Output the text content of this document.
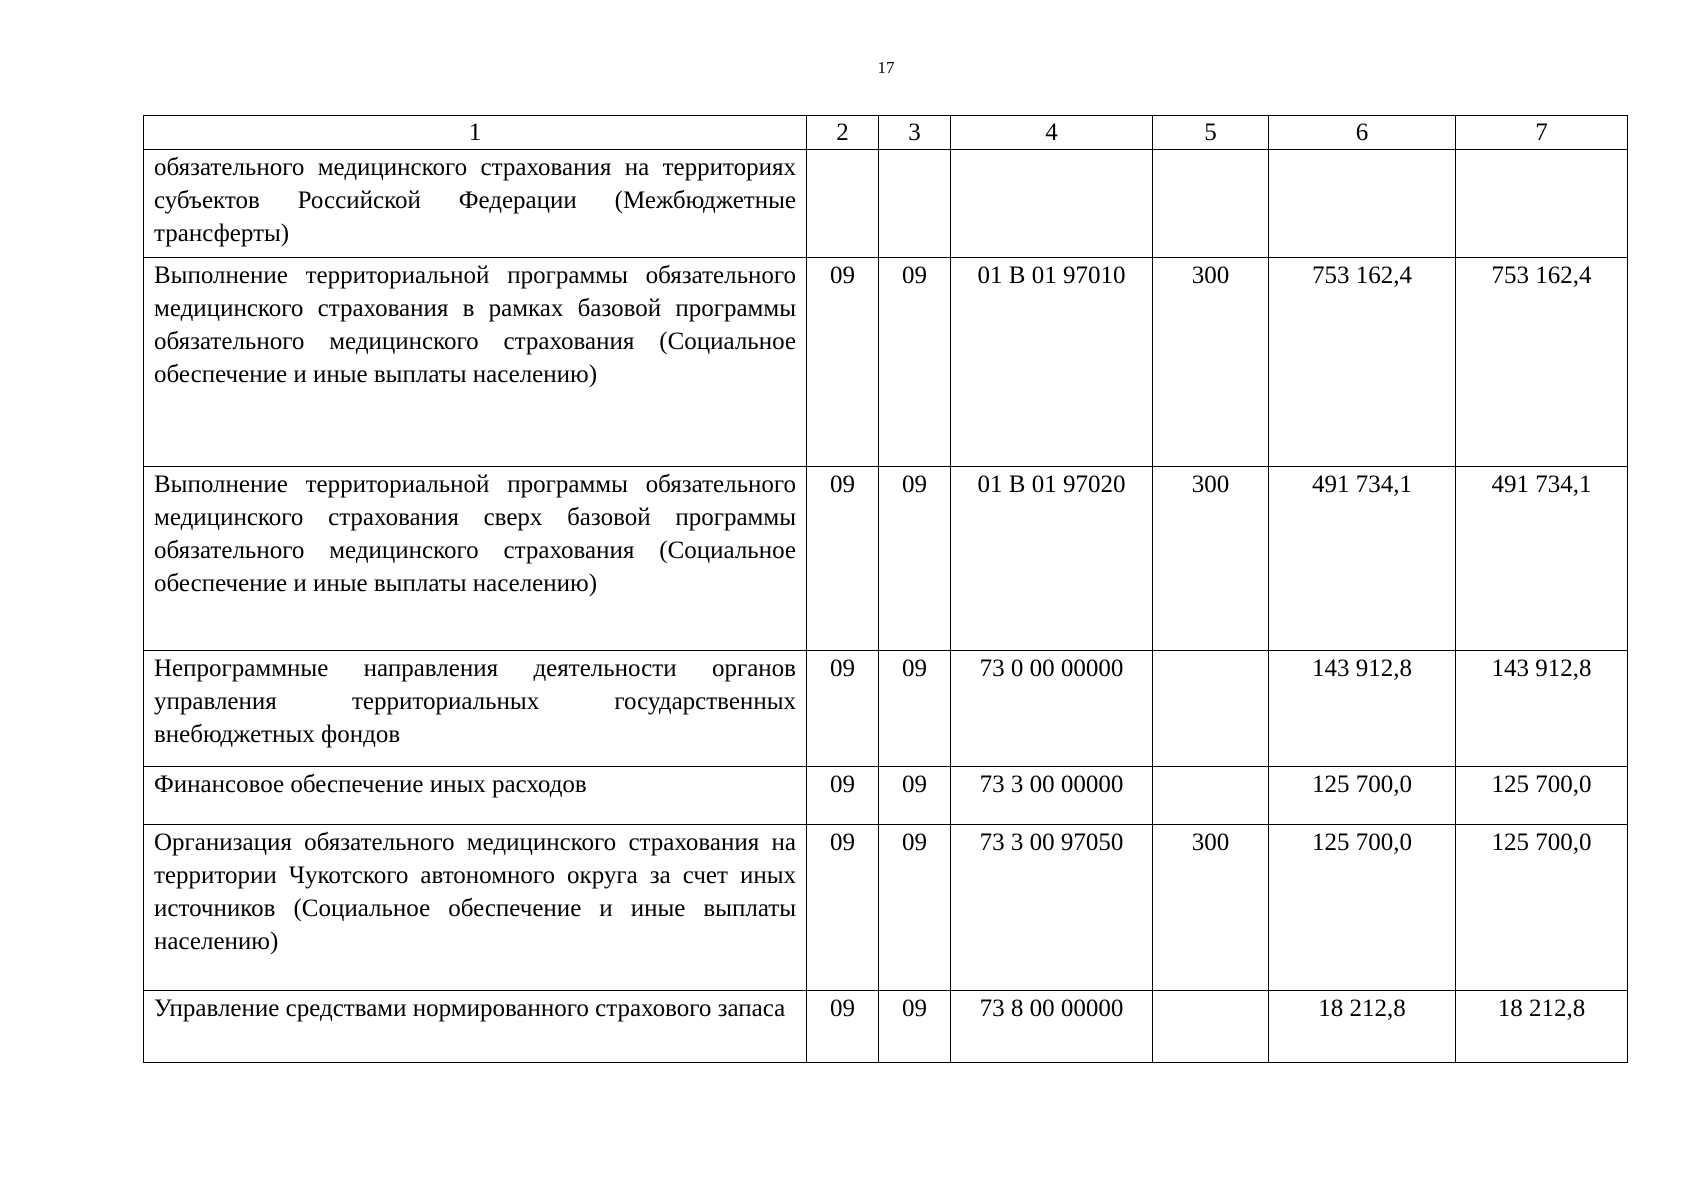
17
1	2	3	4	5	6	7
обязательного медицинского страхования на территориях субъектов Российской Федерации (Межбюджетные трансферты)						
Выполнение территориальной программы обязательного медицинского страхования в рамках базовой программы обязательного медицинского страхования (Социальное обеспечение и иные выплаты населению)	09	09	01 В 01 97010	300	753 162,4	753 162,4
Выполнение территориальной программы обязательного медицинского страхования сверх базовой программы обязательного медицинского страхования (Социальное обеспечение и иные выплаты населению)	09	09	01 В 01 97020	300	491 734,1	491 734,1
Непрограммные направления деятельности органов управления территориальных государственных внебюджетных фондов	09	09	73 0 00 00000		143 912,8	143 912,8
Финансовое обеспечение иных расходов	09	09	73 3 00 00000		125 700,0	125 700,0
Организация обязательного медицинского страхования на территории Чукотского автономного округа за счет иных источников (Социальное обеспечение и иные выплаты населению)	09	09	73 3 00 97050	300	125 700,0	125 700,0
Управление средствами нормированного страхового запаса	09	09	73 8 00 00000		18 212,8	18 212,8
